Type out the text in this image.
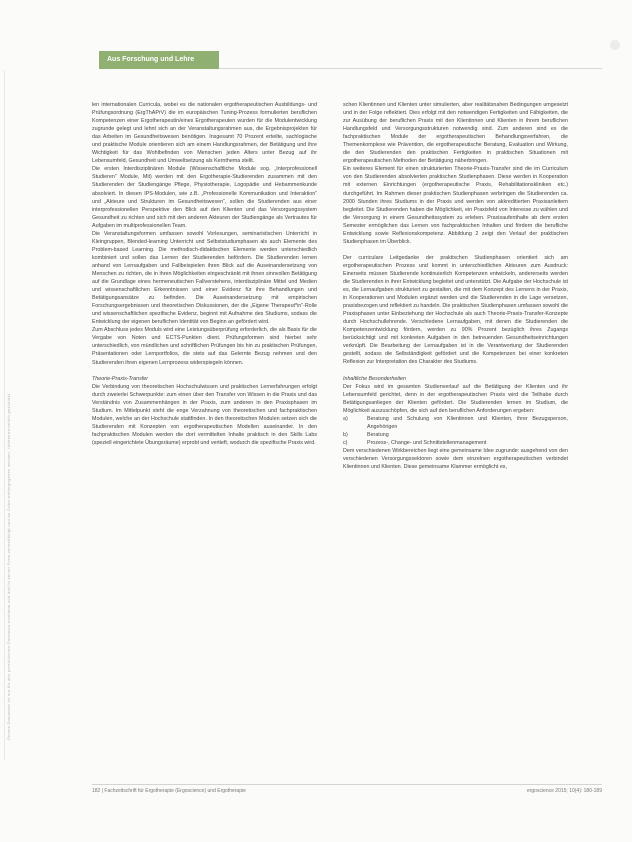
Dieses Dokument ist nur für den persönlichen Gebrauch bestimmt und darf in keiner Form vervielfältigt und an Dritte weitergegeben werden. Urheberrechtlich geschützt.
Aus Forschung und Lehre

len internationalen Curricula, wobei es die nationalen ergotherapeutischen Ausbildungs- und Prüfungsordnung (ErgThAPrV) die im europäischen Tuning-Prozess formulierten beruflichen Kompetenzen einer Ergotherapeutin/eines Ergotherapeuten wurden für die Modulentwicklung zugrunde gelegt und lehnt sich an der Veranstaltungsrahmen aus, die Ergebnisprojekten für das Arbeiten im Gesundheitswesen benötigen. Insgesamt 70 Prozent erteilte, sachlogische und praktische Module orientieren sich am einem Handlungsrahmen, der Betätigung und ihre Wichtigkeit für das Wohlbefinden von Menschen jeden Alters unter Bezug auf ihr Lebensumfeld, Gesundheit und Umweltsetzung als Kernthema stellt.

Die ersten Interdisziplinären Module (Wissenschaftliche Module sog. „Interprofessionell Studieren“ Module, Mit) werden mit den Ergotherapie-Studierenden zusammen mit den Studierenden der Studiengänge Pflege, Physiotherapie, Logopädie und Hebammenkunde absolviert. In diesen IPS-Modulen, wie z.B. „Professionelle Kommunikation und Interaktion“ und „Akteure und Strukturen im Gesundheitswesen“, sollen die Studierenden aus einer interprofessionellen Perspektive den Blick auf den Klienten und das Versorgungssystem Gesundheit zu richten und sich mit den anderen Akteuren der Studiengänge als Vertrautes für Aufgaben im multiprofessionellen Team.

Die Veranstaltungsformen umfassen sowohl Vorlesungen, seminaristischen Unterricht in Kleingruppen, Blended-learning Unterricht und Selbststudiumphasen als auch Elemente des Problem-based Learning. Die methodisch-didaktischen Elemente werden unterschiedlich kombiniert und sollen das Lernen der Studierenden befördern. Die Studierenden lernen anhand von Lernaufgaben und Fallbeispielen ihren Blick auf die Auseinandersetzung von Menschen zu richten, die in ihren Möglichkeiten eingeschränkt mit ihnen sinnvollen Betätigung auf die Grundlage eines hermeneutischen Fallverstehens, interdisziplinäre Mittel und Medien und wissenschaftlichen Erkenntnissen und einer Evidenz für ihre Behandlungen und Betätigungsansätze zu befinden. Die Auseinandersetzung mit empirischen Forschungsergebnissen und theoretischen Diskussionen, der die „Eigene Therapeut*in“-Rolle und wissenschaftlichen spezifische Evidenz, beginnt mit Aufnahme des Studiums, sodass die Entwicklung der eigenen beruflichen Identität von Beginn an gefördert wird.

Zum Abschluss jedes Moduls wird eine Leistungsüberprüfung erforderlich, die als Basis für die Vergabe von Noten und ECTS-Punkten dient. Prüfungsformen sind hierbei sehr unterschiedlich, von mündlichen und schriftlichen Prüfungen bis hin zu praktischen Prüfungen, Präsentationen oder Lernportfolios, die stets auf das Gelernte Bezug nehmen und den Studierenden ihren eigenen Lernprozess widerspiegeln können.

Theorie-Praxis-Transfer

Die Verbindung von theoretischen Hochschulwissen und praktischen Lernerfahrungen erfolgt durch zweierlei Schwerpunkte: zum einen über den Transfer von Wissen in die Praxis und das Verständnis von Zusammenhängen in der Praxis, zum anderen in den Praxisphasen im Studium. Im Mittelpunkt steht die enge Verzahnung von theoretischen und fachpraktischen Modulen, welche an der Hochschule stattfinden. In den theoretischen Modulen setzen sich die Studierenden mit Konzepten von ergotherapeutischen Modellen auseinander. In den fachpraktischen Modulen werden die dort vermittelten Inhalte praktisch in den Skills Labs (speziell eingerichtete Übungsräume) erprobt und vertieft, wodurch die spezifische Praxis wird.

schen Klientinnen und Klienten unter simulierten, aber realitätsnahen Bedingungen umgesetzt und in der Folge reflektiert. Dies erfolgt mit den notwendigen Fertigkeiten und Fähigkeiten, die zur Ausübung der beruflichen Praxis mit den Klientinnen und Klienten in ihrem beruflichen Handlungsfeld und Versorgungsstrukturen notwendig sind. Zum anderen sind es die fachpraktischen Module der ergotherapeutischen Behandlungsverfahren, die Themenkomplexe wie Prävention, die ergotherapeutische Beratung, Evaluation und Wirkung, die den Studierenden den praktischen Fertigkeiten in praktischen Situationen mit ergotherapeutischen Methoden der Betätigung näherbringen.

Ein weiteres Element für einen strukturierten Theorie-Praxis-Transfer sind die im Curriculum von den Studierenden absolvierten praktischen Studienphasen. Diese werden in Kooperation mit externen Einrichtungen (ergotherapeutische Praxis, Rehabilitationskliniken etc.) durchgeführt. Im Rahmen dieser praktischen Studienphasen verbringen die Studierenden ca. 2000 Stunden ihres Studiums in der Praxis und werden von akkreditierten Praxisanleitern begleitet. Die Studierenden haben die Möglichkeit, ein Praxisfeld von Interesse zu wählen und die Versorgung in einem Gesundheitssystem zu erleben. Praxisaufenthalte ab dem ersten Semester ermöglichen das Lernen von fachpraktischen Inhalten und fördern die berufliche Entwicklung sowie Reflexionskompetenz. Abbildung 2 zeigt den Verlauf der praktischen Studienphasen im Überblick.

Der curriculare Leitgedanke der praktischen Studienphasen orientiert sich am ergotherapeutischen Prozess und kommt in unterschiedlichen Akteuren zum Ausdruck: Einerseits müssen Studierende kontinuierlich Kompetenzen entwickeln, andererseits werden die Studierenden in ihrer Entwicklung begleitet und unterstützt. Die Aufgabe der Hochschule ist es, die Lernaufgaben strukturiert zu gestalten, die mit dem Konzept des Lernens in der Praxis, in Kooperationen und Modulen ergänzt werden und die Studierenden in die Lage versetzen, praxisbezogen und reflektiert zu handeln. Die praktischen Studienphasen umfassen sowohl die Praxisphasen unter Einbeziehung der Hochschule als auch Theorie-Praxis-Transfer-Konzepte durch Hochschullehrende. Verschiedene Lernaufgaben, mit denen die Studierenden die Kompetenzentwicklung fördern, werden zu 90% Prozent bezüglich ihres Zugangs berücksichtigt und mit konkreten Aufgaben in den betreuenden Gesundheitseinrichtungen verknüpft. Die Bearbeitung der Lernaufgaben ist in die Verantwortung der Studierenden gestellt, sodass die Selbständigkeit gefördert und die Kompetenzen bei einer konkreten Reflexion zur Interpretation des Charakter des Studiums.

Inhaltliche Besonderheiten

Der Fokus wird im gesamten Studienverlauf auf die Betätigung der Klienten und ihr Lebensumfeld gerichtet, denn in der ergotherapeutischen Praxis wird die Teilhabe durch Betätigungsanliegen der Klienten gefördert. Die Studierenden lernen im Studium, die Möglichkeit auszuschöpfen, die sich auf den beruflichen Anforderungen ergeben:

a)	Beratung und Schulung von Klientinnen und Klienten, ihrer Bezugsperson, Angehörigen
b)	Beratung
c)	Prozess-, Change- und Schnittstellenmanagement

Dem verschiedenen Wirkbereichen liegt eine gemeinsame Idee zugrunde: ausgehend von den verschiedenen Versorgungssektoren sowie dem einzelnen ergotherapeutischen verbindet Klientinnen und Klienten. Diese gemeinsame Klammer ermöglicht es,

182 | Fachzeitschrift für Ergotherapie (Ergoscience) und Ergotherapie	ergoscience 2015; 10(4): 180-189
